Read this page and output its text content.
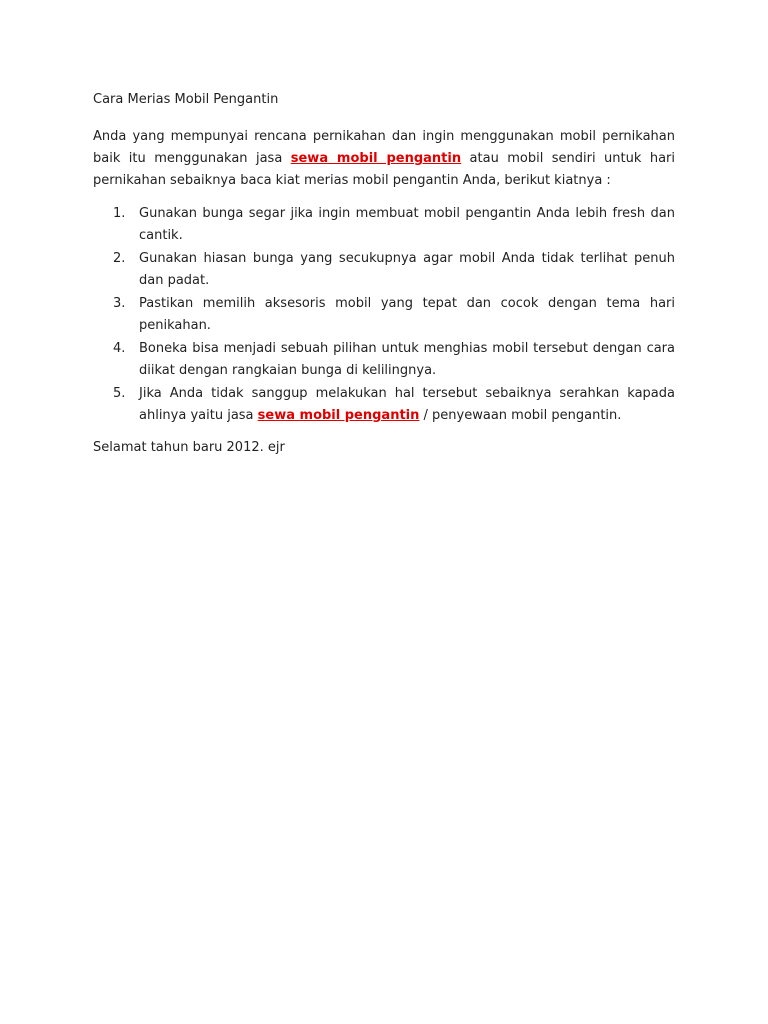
Cara Merias Mobil Pengantin

Anda yang mempunyai rencana pernikahan dan ingin menggunakan mobil pernikahan baik itu menggunakan jasa sewa mobil pengantin atau mobil sendiri untuk hari pernikahan sebaiknya baca kiat merias mobil pengantin Anda, berikut kiatnya :

1. Gunakan bunga segar jika ingin membuat mobil pengantin Anda lebih fresh dan cantik.
2. Gunakan hiasan bunga yang secukupnya agar mobil Anda tidak terlihat penuh dan padat.
3. Pastikan memilih aksesoris mobil yang tepat dan cocok dengan tema hari penikahan.
4. Boneka bisa menjadi sebuah pilihan untuk menghias mobil tersebut dengan cara diikat dengan rangkaian bunga di kelilingnya.
5. Jika Anda tidak sanggup melakukan hal tersebut sebaiknya serahkan kapada ahlinya yaitu jasa sewa mobil pengantin / penyewaan mobil pengantin.

Selamat tahun baru 2012. ejr
